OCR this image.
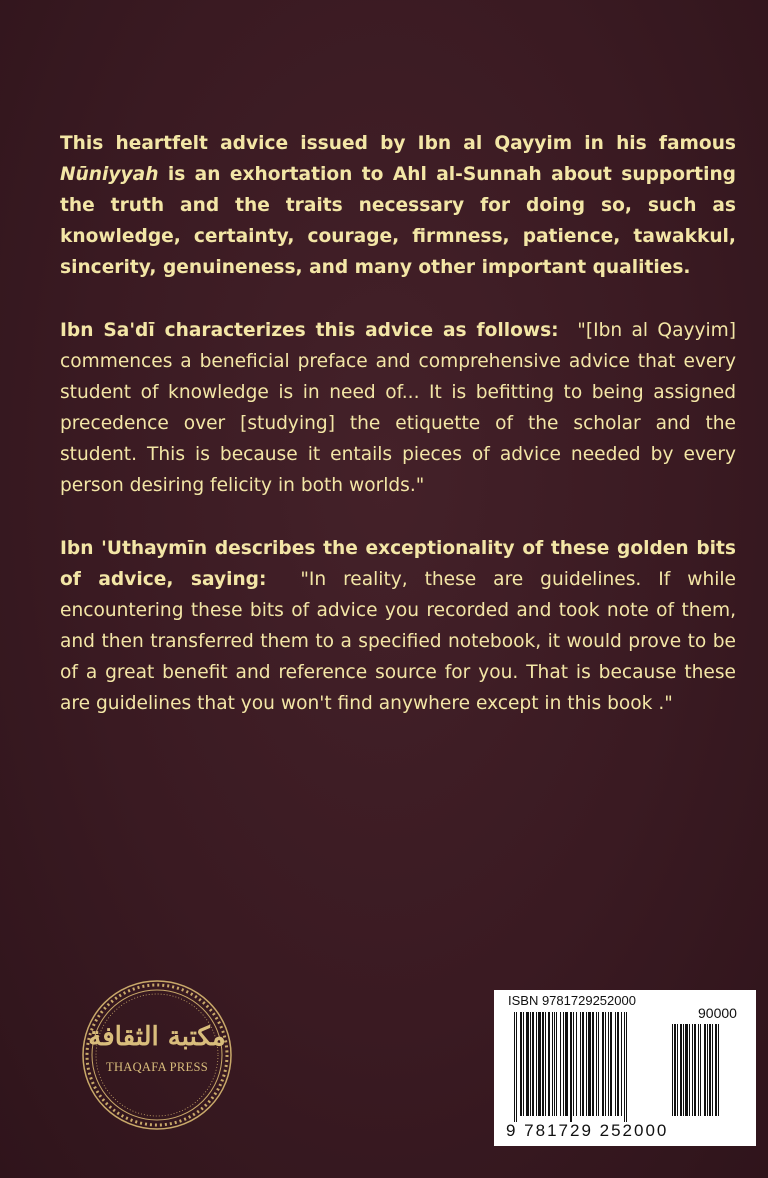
This heartfelt advice issued by Ibn al Qayyim in his famous Nūniyyah is an exhortation to Ahl al-Sunnah about supporting the truth and the traits necessary for doing so, such as knowledge, certainty, courage, firmness, patience, tawakkul, sincerity, genuineness, and many other important qualities.

Ibn Sa'dī characterizes this advice as follows: "[Ibn al Qayyim] commences a beneficial preface and comprehensive advice that every student of knowledge is in need of... It is befitting to being assigned precedence over [studying] the etiquette of the scholar and the student. This is because it entails pieces of advice needed by every person desiring felicity in both worlds."

Ibn 'Uthaymīn describes the exceptionality of these golden bits of advice, saying: "In reality, these are guidelines. If while encountering these bits of advice you recorded and took note of them, and then transferred them to a specified notebook, it would prove to be of a great benefit and reference source for you. That is because these are guidelines that you won't find anywhere except in this book ."

مكتبة الثقافة
THAQAFA PRESS
ISBN 9781729252000
90000
9 781729 252000
